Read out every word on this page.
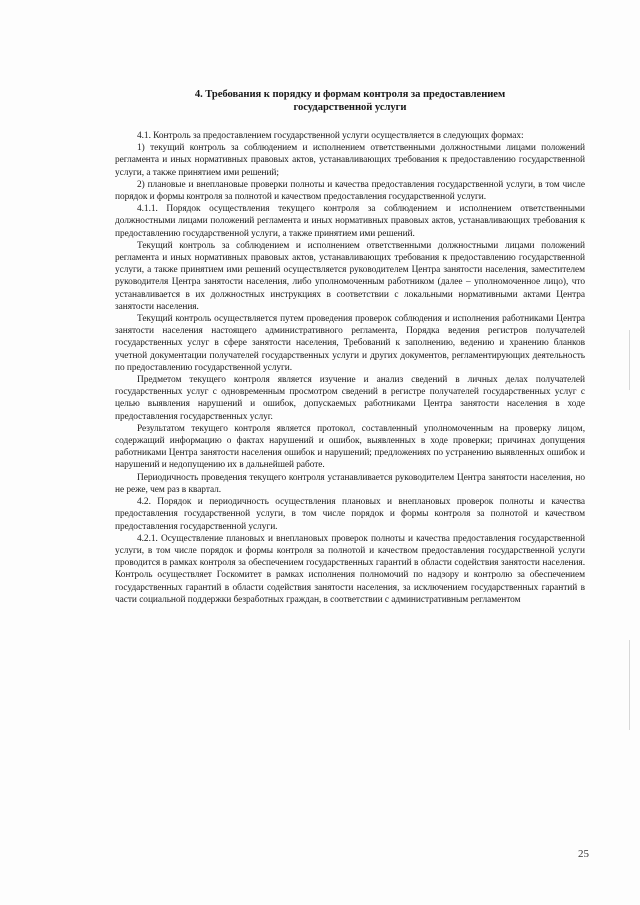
4. Требования к порядку и формам контроля за предоставлением
государственной услуги

4.1. Контроль за предоставлением государственной услуги осуществляется в следующих формах:

1) текущий контроль за соблюдением и исполнением ответственными должностными лицами положений регламента и иных нормативных правовых актов, устанавливающих требования к предоставлению государственной услуги, а также принятием ими решений;

2) плановые и внеплановые проверки полноты и качества предоставления государственной услуги, в том числе порядок и формы контроля за полнотой и качеством предоставления государственной услуги.

4.1.1. Порядок осуществления текущего контроля за соблюдением и исполнением ответственными должностными лицами положений регламента и иных нормативных правовых актов, устанавливающих требования к предоставлению государственной услуги, а также принятием ими решений.

Текущий контроль за соблюдением и исполнением ответственными должностными лицами положений регламента и иных нормативных правовых актов, устанавливающих требования к предоставлению государственной услуги, а также принятием ими решений осуществляется руководителем Центра занятости населения, заместителем руководителя Центра занятости населения, либо уполномоченным работником (далее – уполномоченное лицо), что устанавливается в их должностных инструкциях в соответствии с локальными нормативными актами Центра занятости населения.

Текущий контроль осуществляется путем проведения проверок соблюдения и исполнения работниками Центра занятости населения настоящего административного регламента, Порядка ведения регистров получателей государственных услуг в сфере занятости населения, Требований к заполнению, ведению и хранению бланков учетной документации получателей государственных услуги и других документов, регламентирующих деятельность по предоставлению государственной услуги.

Предметом текущего контроля является изучение и анализ сведений в личных делах получателей государственных услуг с одновременным просмотром сведений в регистре получателей государственных услуг с целью выявления нарушений и ошибок, допускаемых работниками Центра занятости населения в ходе предоставления государственных услуг.

Результатом текущего контроля является протокол, составленный уполномоченным на проверку лицом, содержащий информацию о фактах нарушений и ошибок, выявленных в ходе проверки; причинах допущения работниками Центра занятости населения ошибок и нарушений; предложениях по устранению выявленных ошибок и нарушений и недопущению их в дальнейшей работе.

Периодичность проведения текущего контроля устанавливается руководителем Центра занятости населения, но не реже, чем раз в квартал.

4.2. Порядок и периодичность осуществления плановых и внеплановых проверок полноты и качества предоставления государственной услуги, в том числе порядок и формы контроля за полнотой и качеством предоставления государственной услуги.

4.2.1. Осуществление плановых и внеплановых проверок полноты и качества предоставления государственной услуги, в том числе порядок и формы контроля за полнотой и качеством предоставления государственной услуги проводится в рамках контроля за обеспечением государственных гарантий в области содействия занятости населения. Контроль осуществляет Госкомитет в рамках исполнения полномочий по надзору и контролю за обеспечением государственных гарантий в области содействия занятости населения, за исключением государственных гарантий в части социальной поддержки безработных граждан, в соответствии с административным регламентом

25
